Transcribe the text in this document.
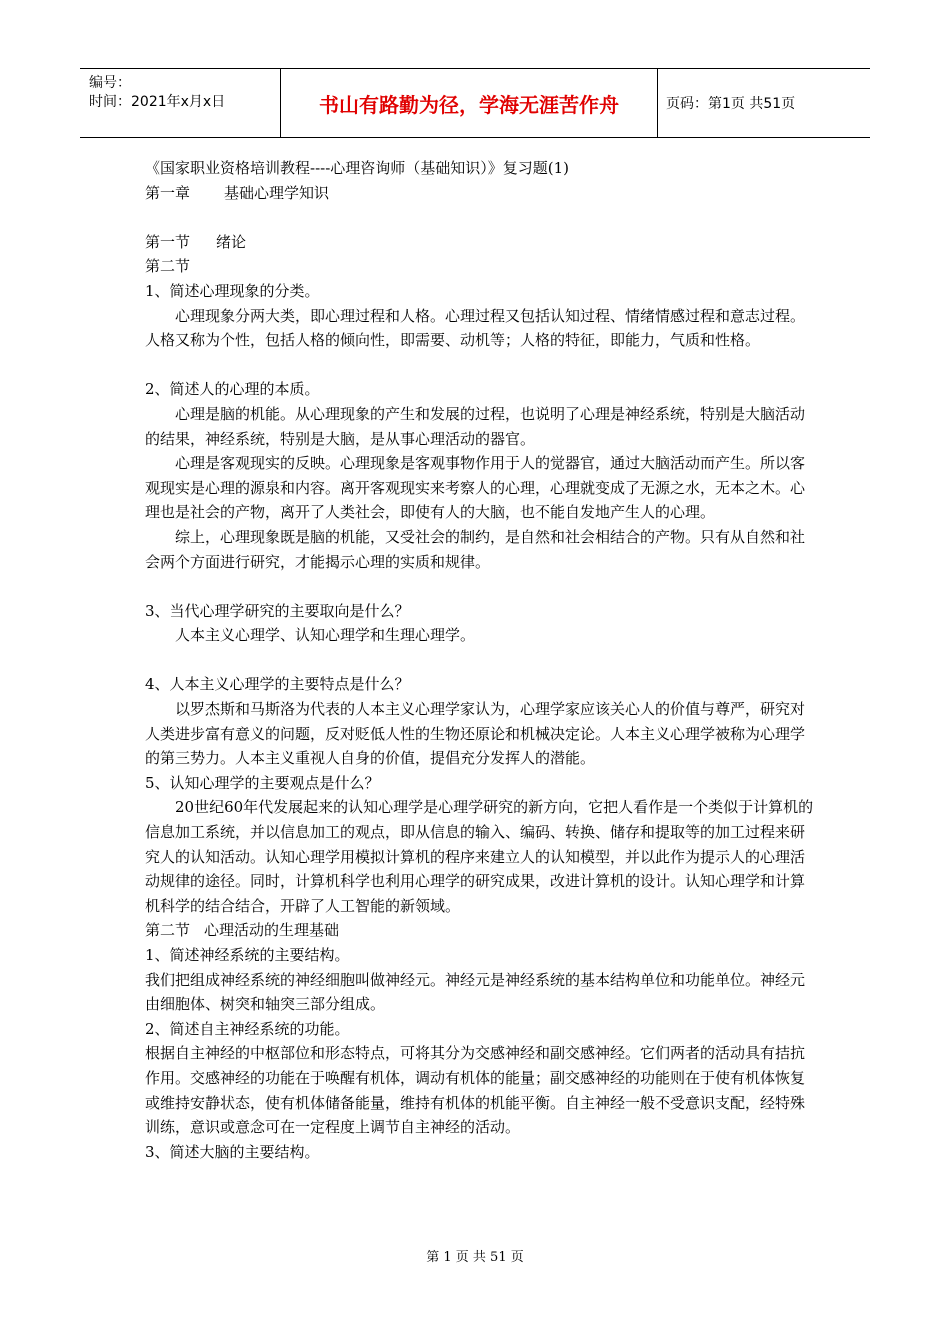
编号：
时间：2021年x月x日	书山有路勤为径，学海无涯苦作舟	页码：第1页 共51页

《国家职业资格培训教程----心理咨询师（基础知识）》复习题(1)

第一章 基础心理学知识

第一节 绪论

第二节

1、简述心理现象的分类。

心理现象分两大类，即心理过程和人格。心理过程又包括认知过程、情绪情感过程和意志过程。人格又称为个性，包括人格的倾向性，即需要、动机等；人格的特征，即能力，气质和性格。

2、简述人的心理的本质。

心理是脑的机能。从心理现象的产生和发展的过程，也说明了心理是神经系统，特别是大脑活动的结果，神经系统，特别是大脑，是从事心理活动的器官。

心理是客观现实的反映。心理现象是客观事物作用于人的觉器官，通过大脑活动而产生。所以客观现实是心理的源泉和内容。离开客观现实来考察人的心理，心理就变成了无源之水，无本之木。心理也是社会的产物，离开了人类社会，即使有人的大脑，也不能自发地产生人的心理。

综上，心理现象既是脑的机能，又受社会的制约，是自然和社会相结合的产物。只有从自然和社会两个方面进行研究，才能揭示心理的实质和规律。

3、当代心理学研究的主要取向是什么？

人本主义心理学、认知心理学和生理心理学。

4、人本主义心理学的主要特点是什么？

以罗杰斯和马斯洛为代表的人本主义心理学家认为，心理学家应该关心人的价值与尊严，研究对人类进步富有意义的问题，反对贬低人性的生物还原论和机械决定论。人本主义心理学被称为心理学的第三势力。人本主义重视人自身的价值，提倡充分发挥人的潜能。

5、认知心理学的主要观点是什么？

20世纪60年代发展起来的认知心理学是心理学研究的新方向，它把人看作是一个类似于计算机的信息加工系统，并以信息加工的观点，即从信息的输入、编码、转换、储存和提取等的加工过程来研究人的认知活动。认知心理学用模拟计算机的程序来建立人的认知模型，并以此作为提示人的心理活动规律的途径。同时，计算机科学也利用心理学的研究成果，改进计算机的设计。认知心理学和计算机科学的结合结合，开辟了人工智能的新领域。

第二节 心理活动的生理基础

1、简述神经系统的主要结构。

我们把组成神经系统的神经细胞叫做神经元。神经元是神经系统的基本结构单位和功能单位。神经元由细胞体、树突和轴突三部分组成。

2、简述自主神经系统的功能。

根据自主神经的中枢部位和形态特点，可将其分为交感神经和副交感神经。它们两者的活动具有拮抗作用。交感神经的功能在于唤醒有机体，调动有机体的能量；副交感神经的功能则在于使有机体恢复或维持安静状态，使有机体储备能量，维持有机体的机能平衡。自主神经一般不受意识支配，经特殊训练，意识或意念可在一定程度上调节自主神经的活动。

3、简述大脑的主要结构。

第 1 页 共 51 页
